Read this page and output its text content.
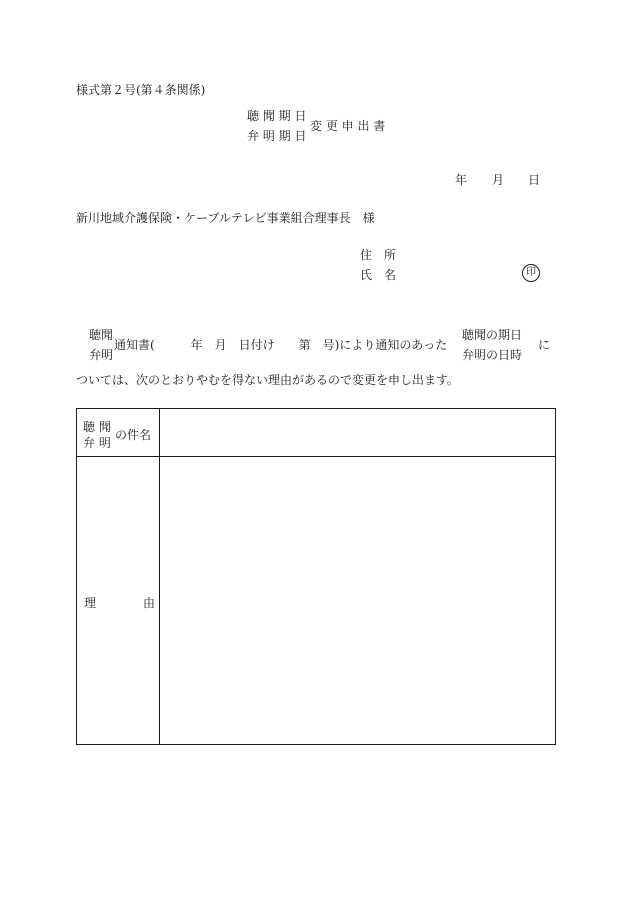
様式第２号(第４条関係)
聴 聞 期 日
弁 明 期 日
変 更 申 出 書
年 月 日
新川地域介護保険・ケーブルテレビ事業組合理事長　様
住　所
氏　名	印
聴聞
弁明
通知書(　　　年　月　日付け　　第　号)により通知のあった
聴聞の期日
弁明の日時
に
ついては、次のとおりやむを得ない理由があるので変更を申し出ます。
聴 聞
弁 明
の件名
理	由
